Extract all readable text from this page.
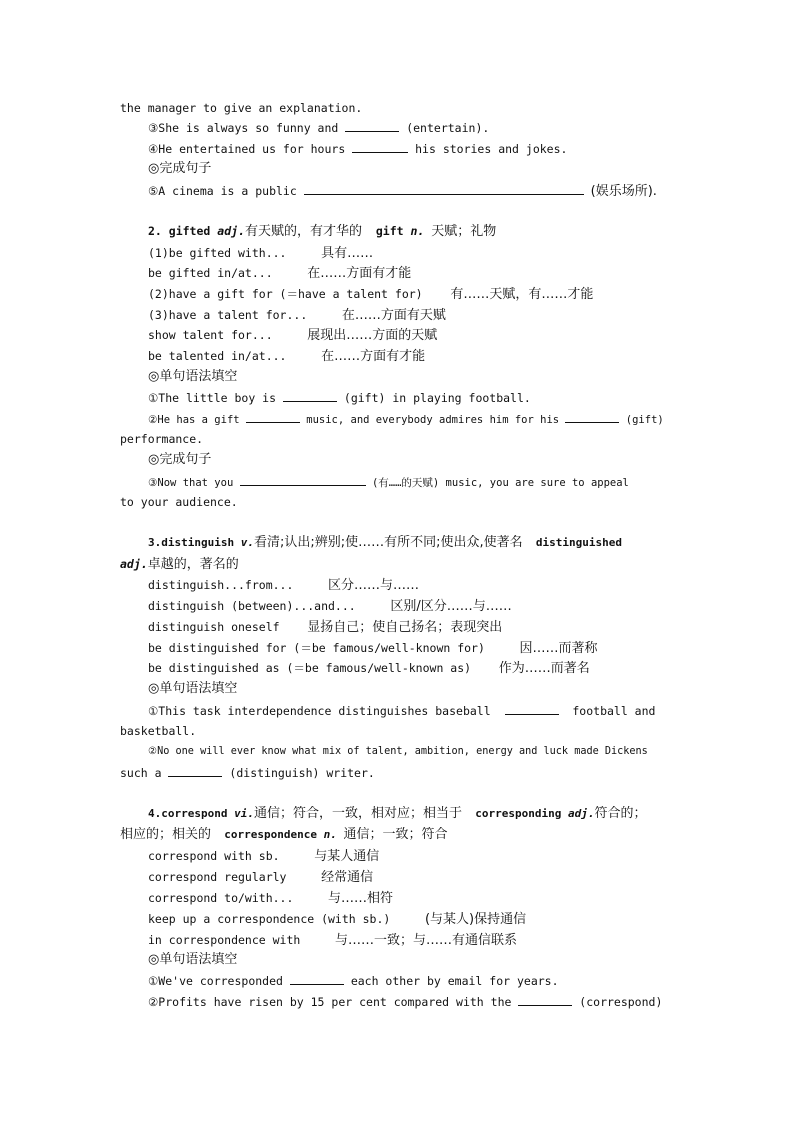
the manager to give an explanation.
③She is always so funny and	(entertain).
④He entertained us for hours	his stories and jokes.
◎完成句子
⑤A cinema is a public	(娱乐场所).
2. gifted adj.有天赋的，有才华的 gift n. 天赋；礼物
(1)be gifted with...	具有……
be gifted in/at...	在……方面有才能
(2)have a gift for (＝have a talent for) 有……天赋，有……才能
(3)have a talent for...	在……方面有天赋
show talent for...	展现出……方面的天赋
be talented in/at...	在……方面有才能
◎单句语法填空
①The little boy is	(gift) in playing football.
②He has a gift	music, and everybody admires him for his	(gift)
performance.
◎完成句子
③Now that you	(有……的天赋) music, you are sure to appeal
to your audience.
3.distinguish v.看清;认出;辨别;使……有所不同;使出众,使著名 distinguished
adj.卓越的，著名的
distinguish...from...	区分……与……
distinguish (between)...and...	区别/区分……与……
distinguish oneself 显扬自己；使自己扬名；表现突出
be distinguished for (＝be famous/well-known for)	因……而著称
be distinguished as (＝be famous/well-known as) 作为……而著名
◎单句语法填空
①This task interdependence distinguishes baseball	football and
basketball.
②No one will ever know what mix of talent, ambition, energy and luck made Dickens
such a	(distinguish) writer.
4.correspond vi.通信；符合，一致，相对应；相当于 corresponding adj.符合的；
相应的；相关的 correspondence n. 通信；一致；符合
correspond with sb.	与某人通信
correspond regularly	经常通信
correspond to/with...	与……相符
keep up a correspondence (with sb.)	(与某人)保持通信
in correspondence with	与……一致；与……有通信联系
◎单句语法填空
①We've corresponded	each other by email for years.
②Profits have risen by 15 per cent compared with the	(correspond)
